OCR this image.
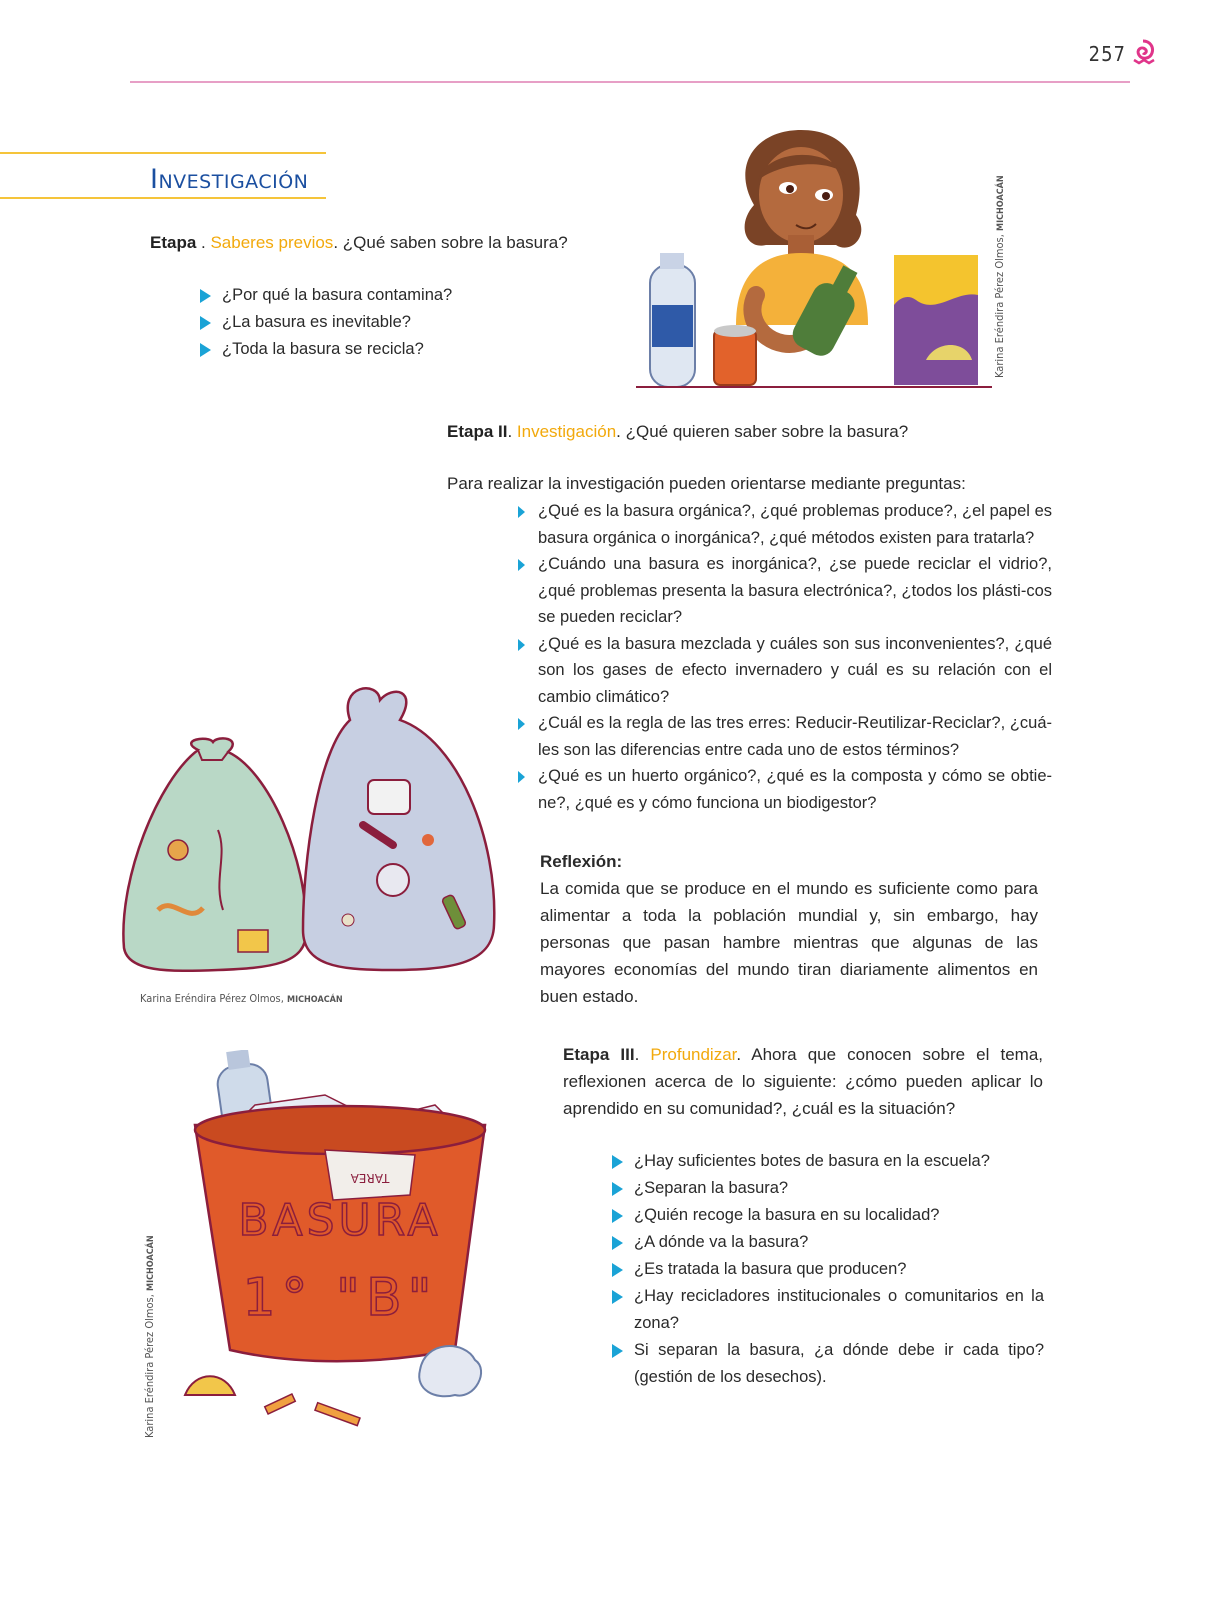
257
Investigación
Etapa . Saberes previos. ¿Qué saben sobre la basura?
¿Por qué la basura contamina?
¿La basura es inevitable?
¿Toda la basura se recicla?	Karina Eréndira Pérez Olmos, MICHOACÁN
Etapa II. Investigación. ¿Qué quieren saber sobre la basura?
Para realizar la investigación pueden orientarse mediante preguntas:
¿Qué es la basura orgánica?, ¿qué problemas produce?, ¿el papel es basura orgánica o inorgánica?, ¿qué métodos existen para tratarla?
¿Cuándo una basura es inorgánica?, ¿se puede reciclar el vidrio?, ¿qué problemas presenta la basura electrónica?, ¿todos los plásti-cos se pueden reciclar?
¿Qué es la basura mezclada y cuáles son sus inconvenientes?, ¿qué son los gases de efecto invernadero y cuál es su relación con el cambio climático?
¿Cuál es la regla de las tres erres: Reducir-Reutilizar-Reciclar?, ¿cuá-les son las diferencias entre cada uno de estos términos?
¿Qué es un huerto orgánico?, ¿qué es la composta y cómo se obtie-ne?, ¿qué es y cómo funciona un biodigestor?
Karina Eréndira Pérez Olmos, MICHOACÁN
Reflexión:
La comida que se produce en el mundo es suficiente como para alimentar a toda la población mundial y, sin embargo, hay personas que pasan hambre mientras que algunas de las mayores economías del mundo tiran diariamente alimentos en buen estado.
Etapa III. Profundizar. Ahora que conocen sobre el tema, reflexionen acerca de lo siguiente: ¿cómo pueden aplicar lo aprendido en su comunidad?, ¿cuál es la situación?
¿Hay suficientes botes de basura en la escuela?
¿Separan la basura?
¿Quién recoge la basura en su localidad?
¿A dónde va la basura?
¿Es tratada la basura que producen?
¿Hay recicladores institucionales o comunitarios en la zona?
Si separan la basura, ¿a dónde debe ir cada tipo? (gestión de los desechos).
TAREA
BASURA
1° "B"
Karina Eréndira Pérez Olmos, MICHOACÁN
